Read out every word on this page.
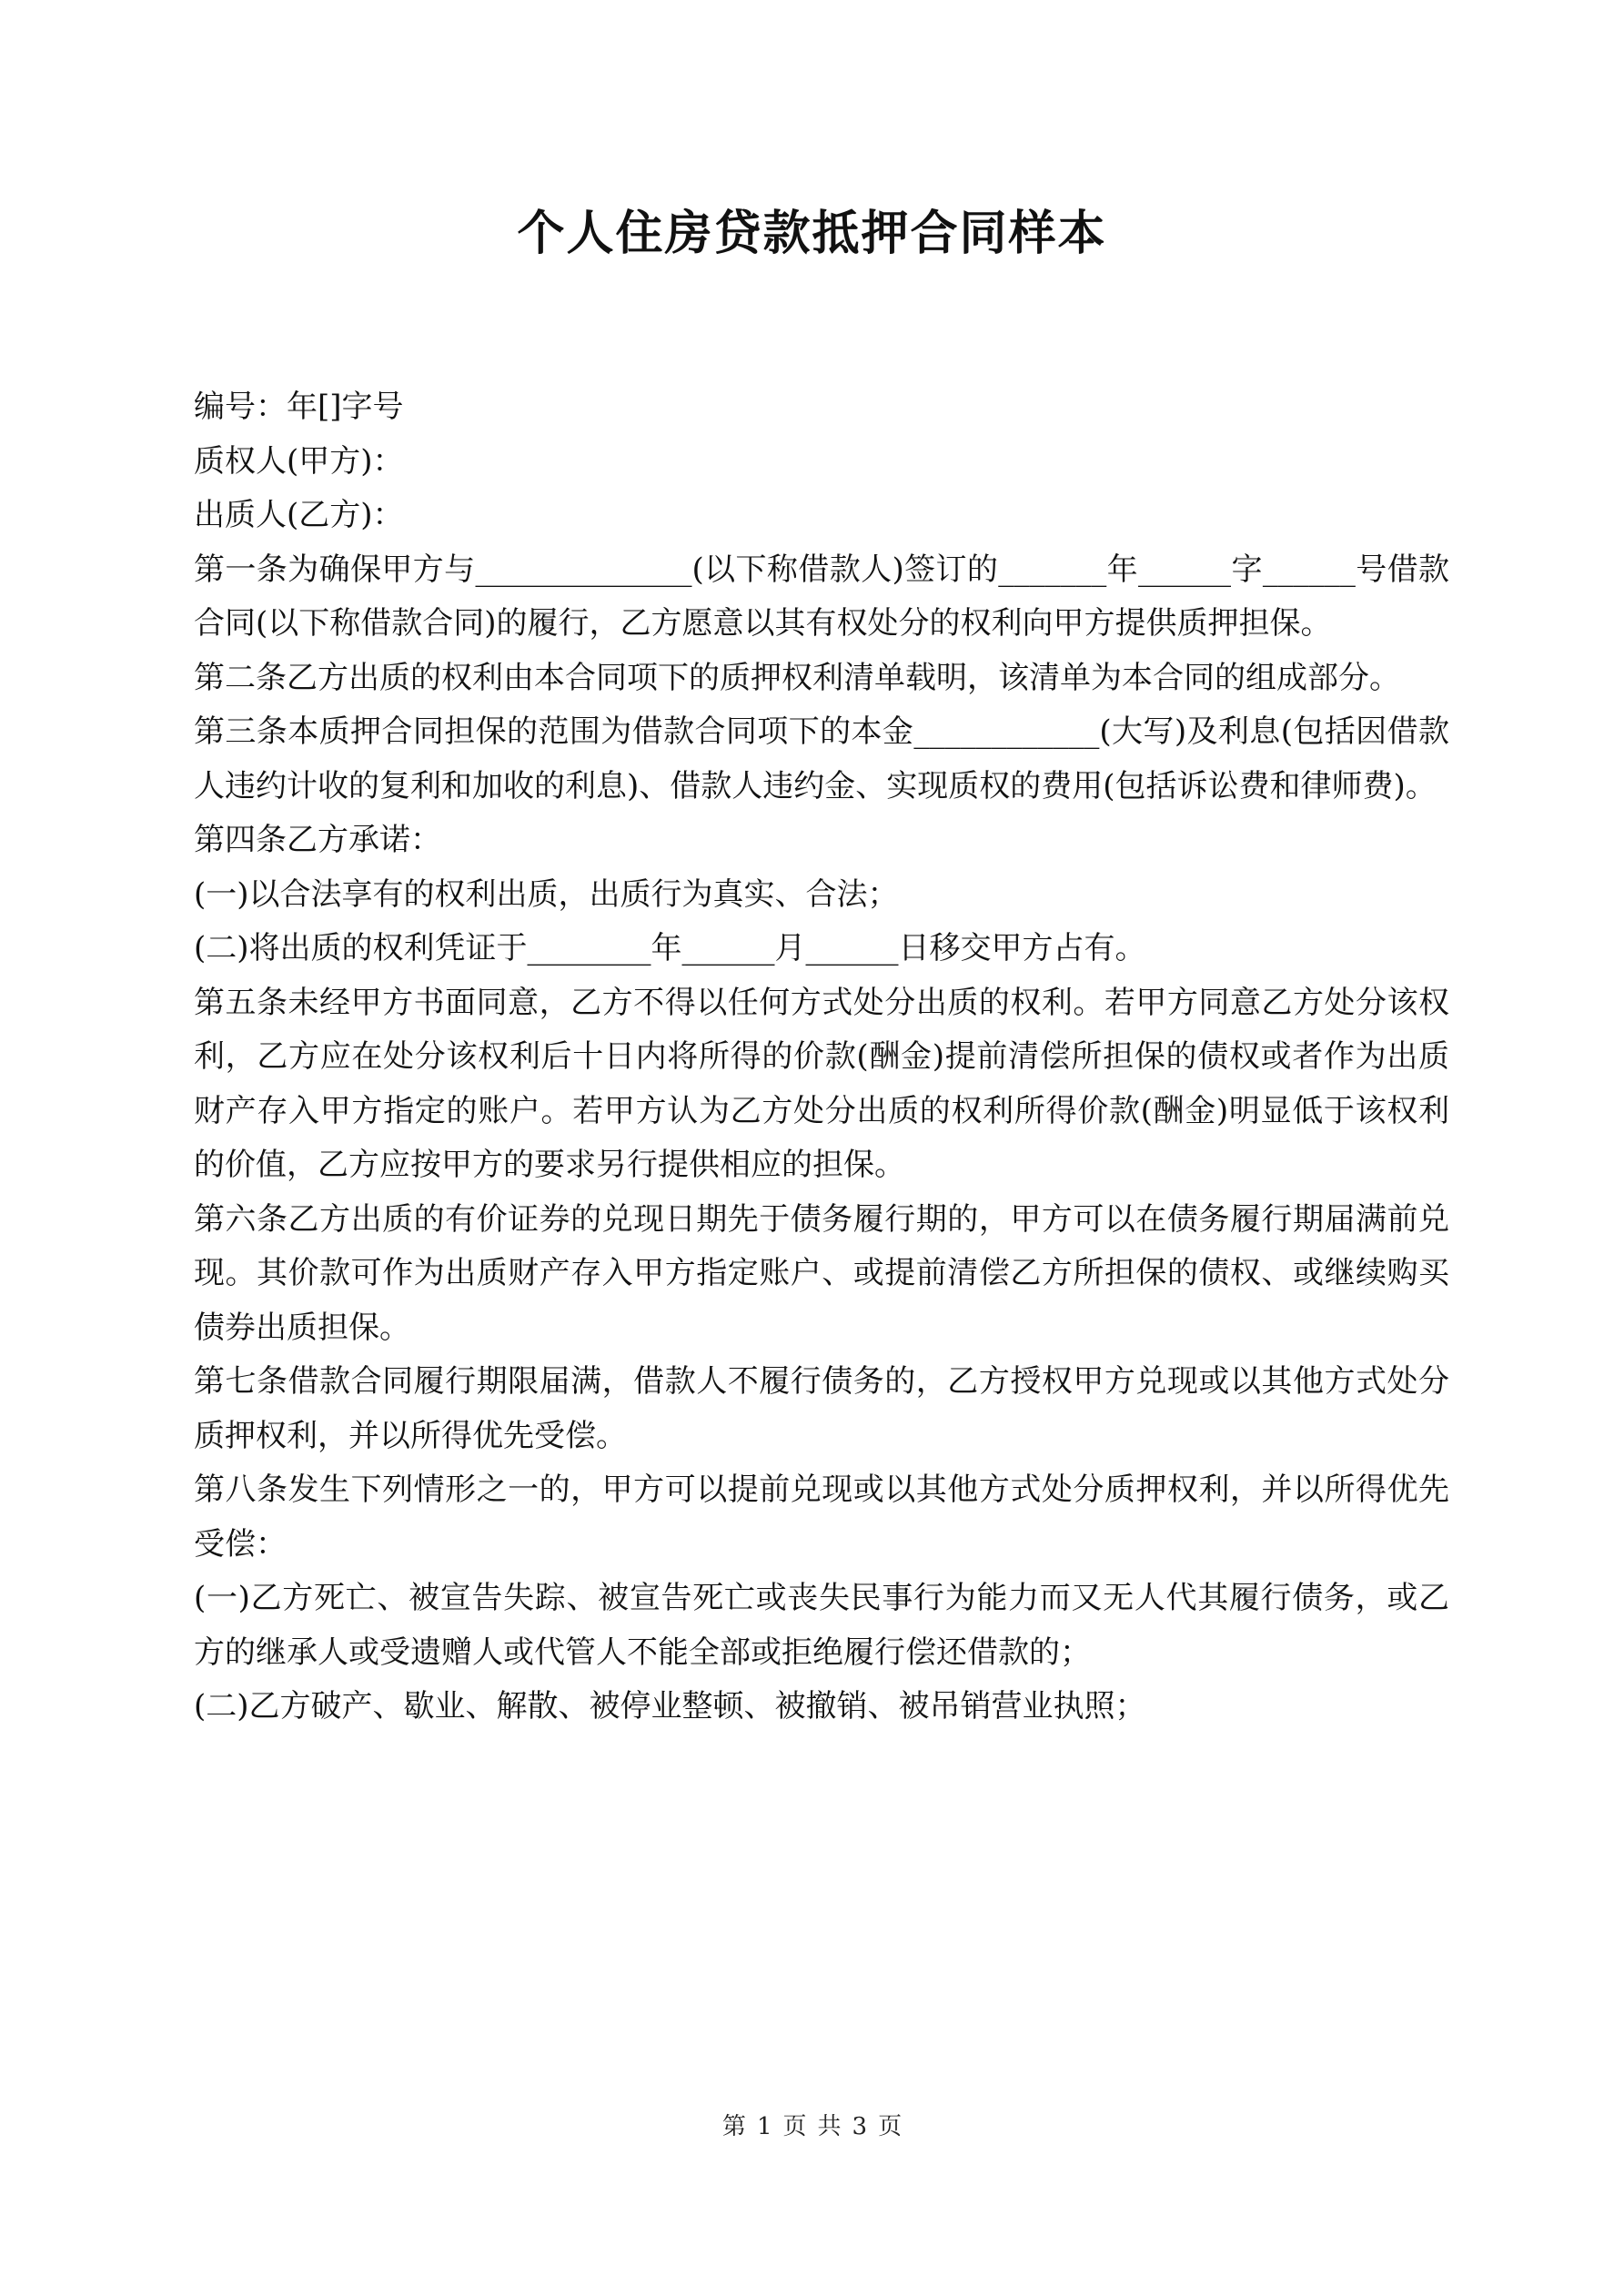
个人住房贷款抵押合同样本

编号：年[]字号

质权人(甲方)：

出质人(乙方)：

第一条为确保甲方与______________(以下称借款人)签订的_______年______字______号借款合同(以下称借款合同)的履行，乙方愿意以其有权处分的权利向甲方提供质押担保。

第二条乙方出质的权利由本合同项下的质押权利清单载明，该清单为本合同的组成部分。

第三条本质押合同担保的范围为借款合同项下的本金____________(大写)及利息(包括因借款人违约计收的复利和加收的利息)、借款人违约金、实现质权的费用(包括诉讼费和律师费)。

第四条乙方承诺：

(一)以合法享有的权利出质，出质行为真实、合法；

(二)将出质的权利凭证于________年______月______日移交甲方占有。

第五条未经甲方书面同意，乙方不得以任何方式处分出质的权利。若甲方同意乙方处分该权利，乙方应在处分该权利后十日内将所得的价款(酬金)提前清偿所担保的债权或者作为出质财产存入甲方指定的账户。若甲方认为乙方处分出质的权利所得价款(酬金)明显低于该权利的价值，乙方应按甲方的要求另行提供相应的担保。

第六条乙方出质的有价证券的兑现日期先于债务履行期的，甲方可以在债务履行期届满前兑现。其价款可作为出质财产存入甲方指定账户、或提前清偿乙方所担保的债权、或继续购买债券出质担保。

第七条借款合同履行期限届满，借款人不履行债务的，乙方授权甲方兑现或以其他方式处分质押权利，并以所得优先受偿。

第八条发生下列情形之一的，甲方可以提前兑现或以其他方式处分质押权利，并以所得优先受偿：

(一)乙方死亡、被宣告失踪、被宣告死亡或丧失民事行为能力而又无人代其履行债务，或乙方的继承人或受遗赠人或代管人不能全部或拒绝履行偿还借款的；

(二)乙方破产、歇业、解散、被停业整顿、被撤销、被吊销营业执照；

第 1 页 共 3 页
